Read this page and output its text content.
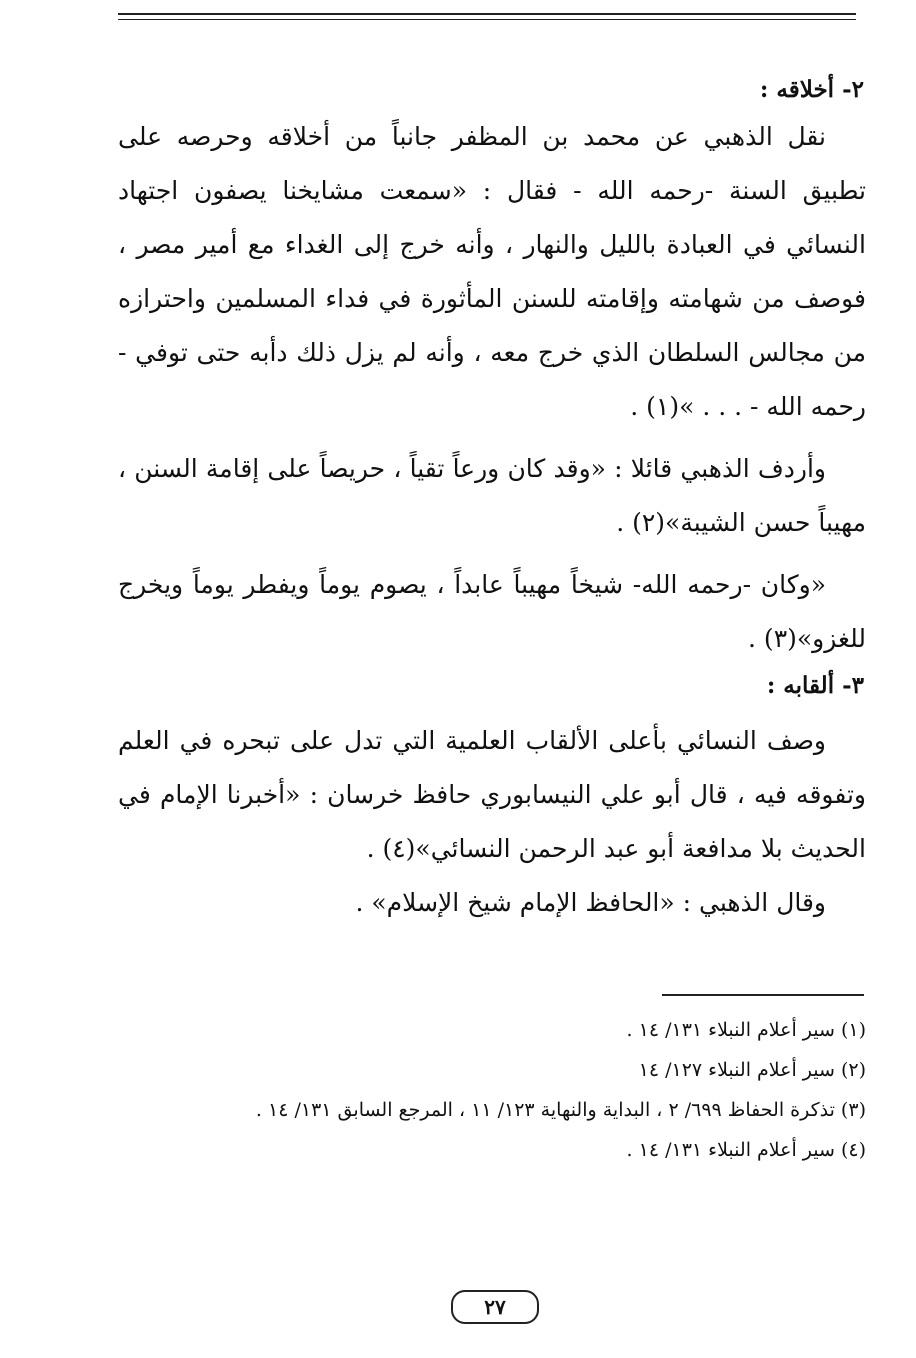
٢- أخلاقه :

نقل الذهبي عن محمد بن المظفر جانباً من أخلاقه وحرصه على تطبيق السنة -رحمه الله - فقال : «سمعت مشايخنا يصفون اجتهاد النسائي في العبادة بالليل والنهار ، وأنه خرج إلى الغداء مع أمير مصر ، فوصف من شهامته وإقامته للسنن المأثورة في فداء المسلمين واحترازه من مجالس السلطان الذي خرج معه ، وأنه لم يزل ذلك دأبه حتى توفي - رحمه الله - . . . »(١) .

وأردف الذهبي قائلا : «وقد كان ورعاً تقياً ، حريصاً على إقامة السنن ، مهيباً حسن الشيبة»(٢) .

«وكان -رحمه الله- شيخاً مهيباً عابداً ، يصوم يوماً ويفطر يوماً ويخرج للغزو»(٣) .

٣- ألقابه :

وصف النسائي بأعلى الألقاب العلمية التي تدل على تبحره في العلم وتفوقه فيه ، قال أبو علي النيسابوري حافظ خرسان : «أخبرنا الإمام في الحديث بلا مدافعة أبو عبد الرحمن النسائي»(٤) .

وقال الذهبي : «الحافظ الإمام شيخ الإسلام» .

(١) سير أعلام النبلاء ١٣١/ ١٤ .

(٢) سير أعلام النبلاء ١٢٧/ ١٤

(٣) تذكرة الحفاظ ٦٩٩/ ٢ ، البداية والنهاية ١٢٣/ ١١ ، المرجع السابق ١٣١/ ١٤ .

(٤) سير أعلام النبلاء ١٣١/ ١٤ .

٢٧
